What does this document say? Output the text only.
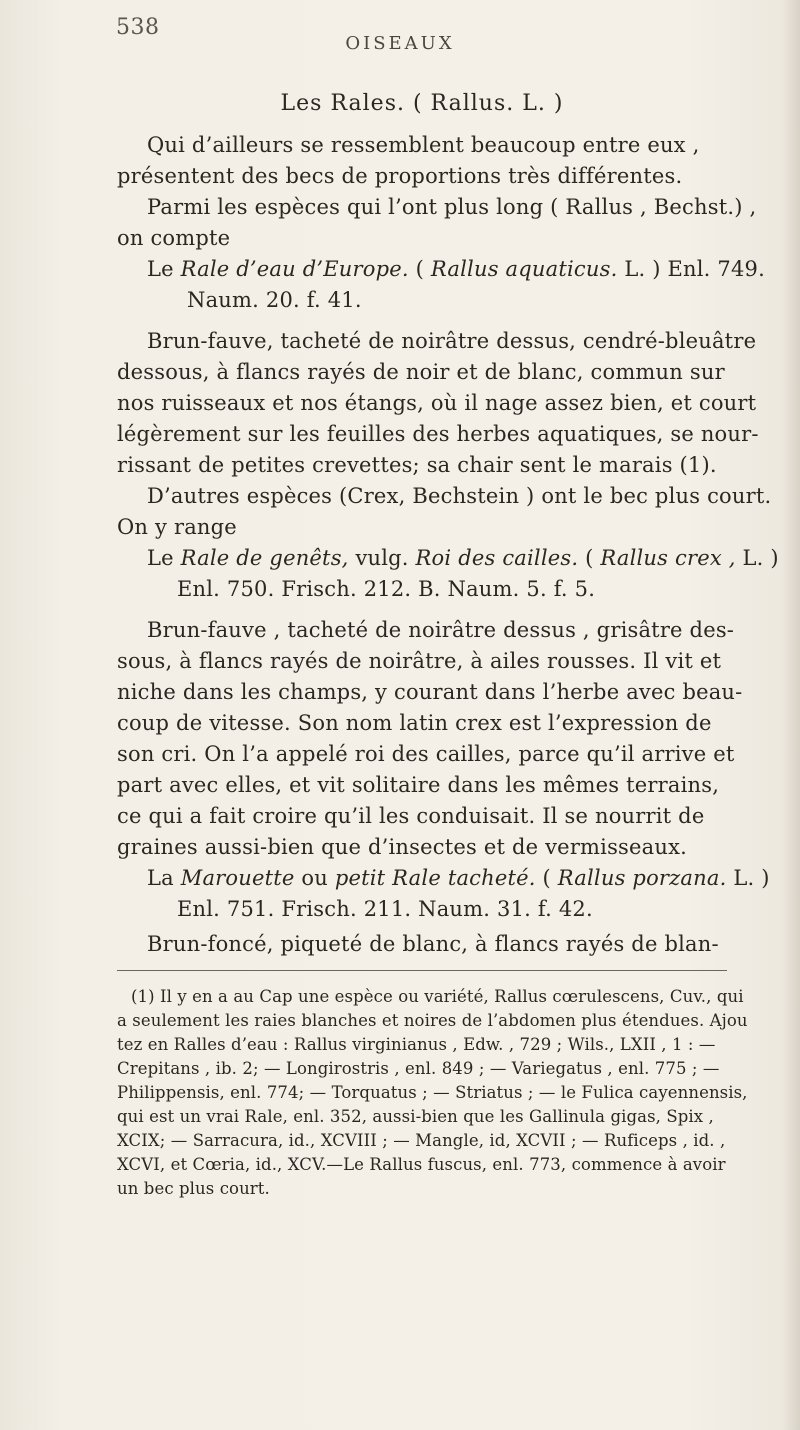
538
OISEAUX
Les Rales. ( Rallus. L. )
Qui d’ailleurs se ressemblent beaucoup entre eux ,
présentent des becs de proportions très différentes.
Parmi les espèces qui l’ont plus long ( Rallus , Bechst.) ,
on compte
Le Rale d’eau d’Europe. ( Rallus aquaticus. L. ) Enl. 749.
Naum. 20. f. 41.
Brun-fauve, tacheté de noirâtre dessus, cendré-bleuâtre
dessous, à flancs rayés de noir et de blanc, commun sur
nos ruisseaux et nos étangs, où il nage assez bien, et court
légèrement sur les feuilles des herbes aquatiques, se nour-
rissant de petites crevettes; sa chair sent le marais (1).
D’autres espèces (Crex, Bechstein ) ont le bec plus court.
On y range
Le Rale de genêts, vulg. Roi des cailles. ( Rallus crex , L. )
Enl. 750. Frisch. 212. B. Naum. 5. f. 5.
Brun-fauve , tacheté de noirâtre dessus , grisâtre des-
sous, à flancs rayés de noirâtre, à ailes rousses. Il vit et
niche dans les champs, y courant dans l’herbe avec beau-
coup de vitesse. Son nom latin crex est l’expression de
son cri. On l’a appelé roi des cailles, parce qu’il arrive et
part avec elles, et vit solitaire dans les mêmes terrains,
ce qui a fait croire qu’il les conduisait. Il se nourrit de
graines aussi-bien que d’insectes et de vermisseaux.
La Marouette ou petit Rale tacheté. ( Rallus porzana. L. )
Enl. 751. Frisch. 211. Naum. 31. f. 42.
Brun-foncé, piqueté de blanc, à flancs rayés de blan-
(1) Il y en a au Cap une espèce ou variété, Rallus cœrulescens, Cuv., qui
a seulement les raies blanches et noires de l’abdomen plus étendues. Ajou
tez en Ralles d’eau : Rallus virginianus , Edw. , 729 ; Wils., LXII , 1 : —
Crepitans , ib. 2; — Longirostris , enl. 849 ; — Variegatus , enl. 775 ; —
Philippensis, enl. 774; — Torquatus ; — Striatus ; — le Fulica cayennensis,
qui est un vrai Rale, enl. 352, aussi-bien que les Gallinula gigas, Spix ,
XCIX; — Sarracura, id., XCVIII ; — Mangle, id, XCVII ; — Ruficeps , id. ,
XCVI, et Cœria, id., XCV.—Le Rallus fuscus, enl. 773, commence à avoir
un bec plus court.
